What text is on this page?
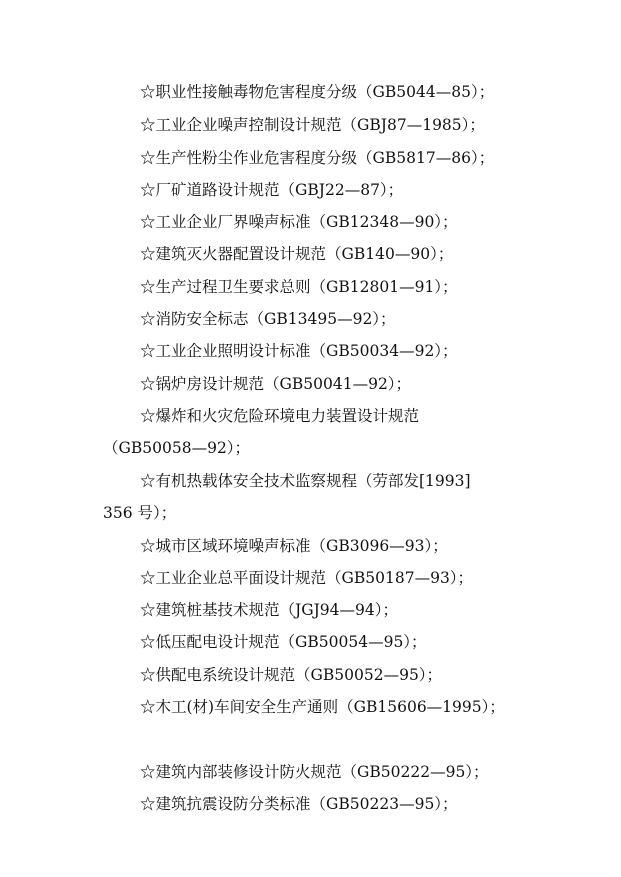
☆职业性接触毒物危害程度分级（GB5044—85）；
☆工业企业噪声控制设计规范（GBJ87—1985）；
☆生产性粉尘作业危害程度分级（GB5817—86）；
☆厂矿道路设计规范（GBJ22—87）；
☆工业企业厂界噪声标准（GB12348—90）；
☆建筑灭火器配置设计规范（GB140—90）；
☆生产过程卫生要求总则（GB12801—91）；
☆消防安全标志（GB13495—92）；
☆工业企业照明设计标准（GB50034—92）；
☆锅炉房设计规范（GB50041—92）；
☆爆炸和火灾危险环境电力装置设计规范
（GB50058—92）；
☆有机热载体安全技术监察规程（劳部发[1993]
356 号）；
☆城市区域环境噪声标准（GB3096—93）；
☆工业企业总平面设计规范（GB50187—93）；
☆建筑桩基技术规范（JGJ94—94）；
☆低压配电设计规范（GB50054—95）；
☆供配电系统设计规范（GB50052—95）；
☆木工(材)车间安全生产通则（GB15606—1995）；
☆建筑内部装修设计防火规范（GB50222—95）；
☆建筑抗震设防分类标准（GB50223—95）；
